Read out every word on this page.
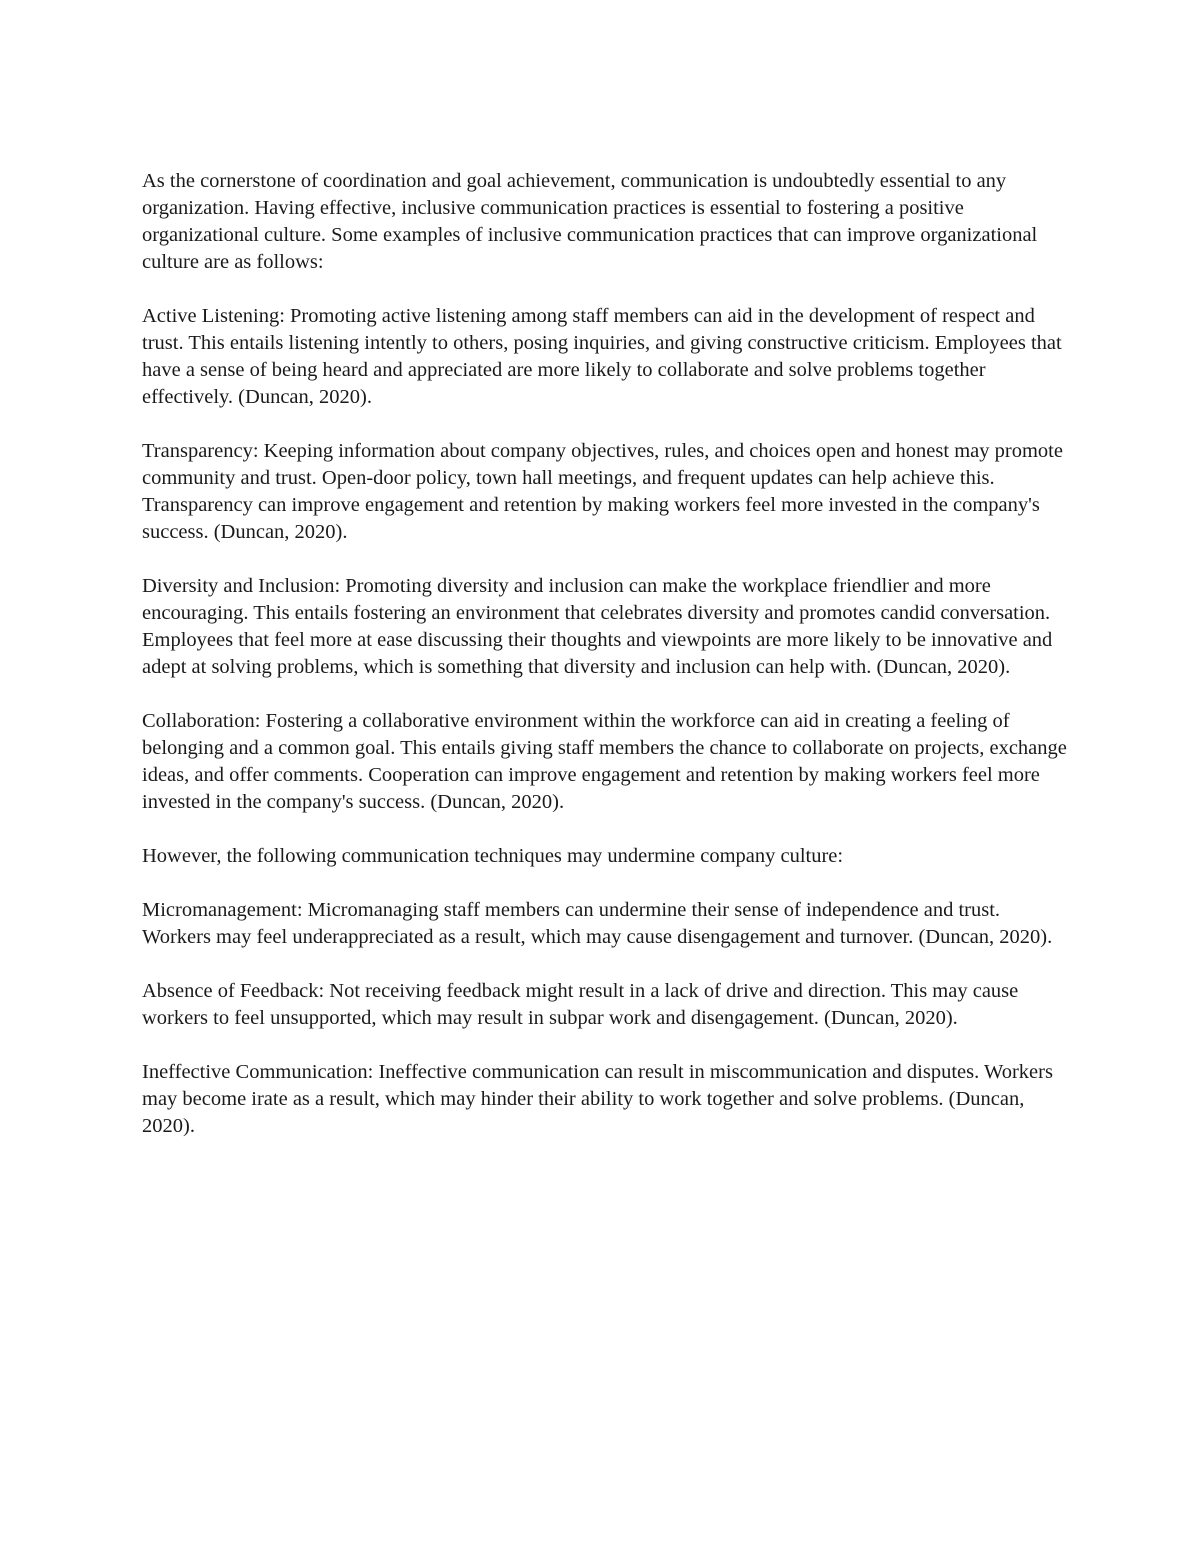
As the cornerstone of coordination and goal achievement, communication is undoubtedly essential to any organization. Having effective, inclusive communication practices is essential to fostering a positive organizational culture. Some examples of inclusive communication practices that can improve organizational culture are as follows:

Active Listening: Promoting active listening among staff members can aid in the development of respect and trust. This entails listening intently to others, posing inquiries, and giving constructive criticism. Employees that have a sense of being heard and appreciated are more likely to collaborate and solve problems together effectively. (Duncan, 2020).

Transparency: Keeping information about company objectives, rules, and choices open and honest may promote community and trust. Open-door policy, town hall meetings, and frequent updates can help achieve this. Transparency can improve engagement and retention by making workers feel more invested in the company's success. (Duncan, 2020).

Diversity and Inclusion: Promoting diversity and inclusion can make the workplace friendlier and more encouraging. This entails fostering an environment that celebrates diversity and promotes candid conversation. Employees that feel more at ease discussing their thoughts and viewpoints are more likely to be innovative and adept at solving problems, which is something that diversity and inclusion can help with. (Duncan, 2020).

Collaboration: Fostering a collaborative environment within the workforce can aid in creating a feeling of belonging and a common goal. This entails giving staff members the chance to collaborate on projects, exchange ideas, and offer comments. Cooperation can improve engagement and retention by making workers feel more invested in the company's success. (Duncan, 2020).

However, the following communication techniques may undermine company culture:

Micromanagement: Micromanaging staff members can undermine their sense of independence and trust. Workers may feel underappreciated as a result, which may cause disengagement and turnover. (Duncan, 2020).

Absence of Feedback: Not receiving feedback might result in a lack of drive and direction. This may cause workers to feel unsupported, which may result in subpar work and disengagement. (Duncan, 2020).

Ineffective Communication: Ineffective communication can result in miscommunication and disputes. Workers may become irate as a result, which may hinder their ability to work together and solve problems. (Duncan, 2020).
